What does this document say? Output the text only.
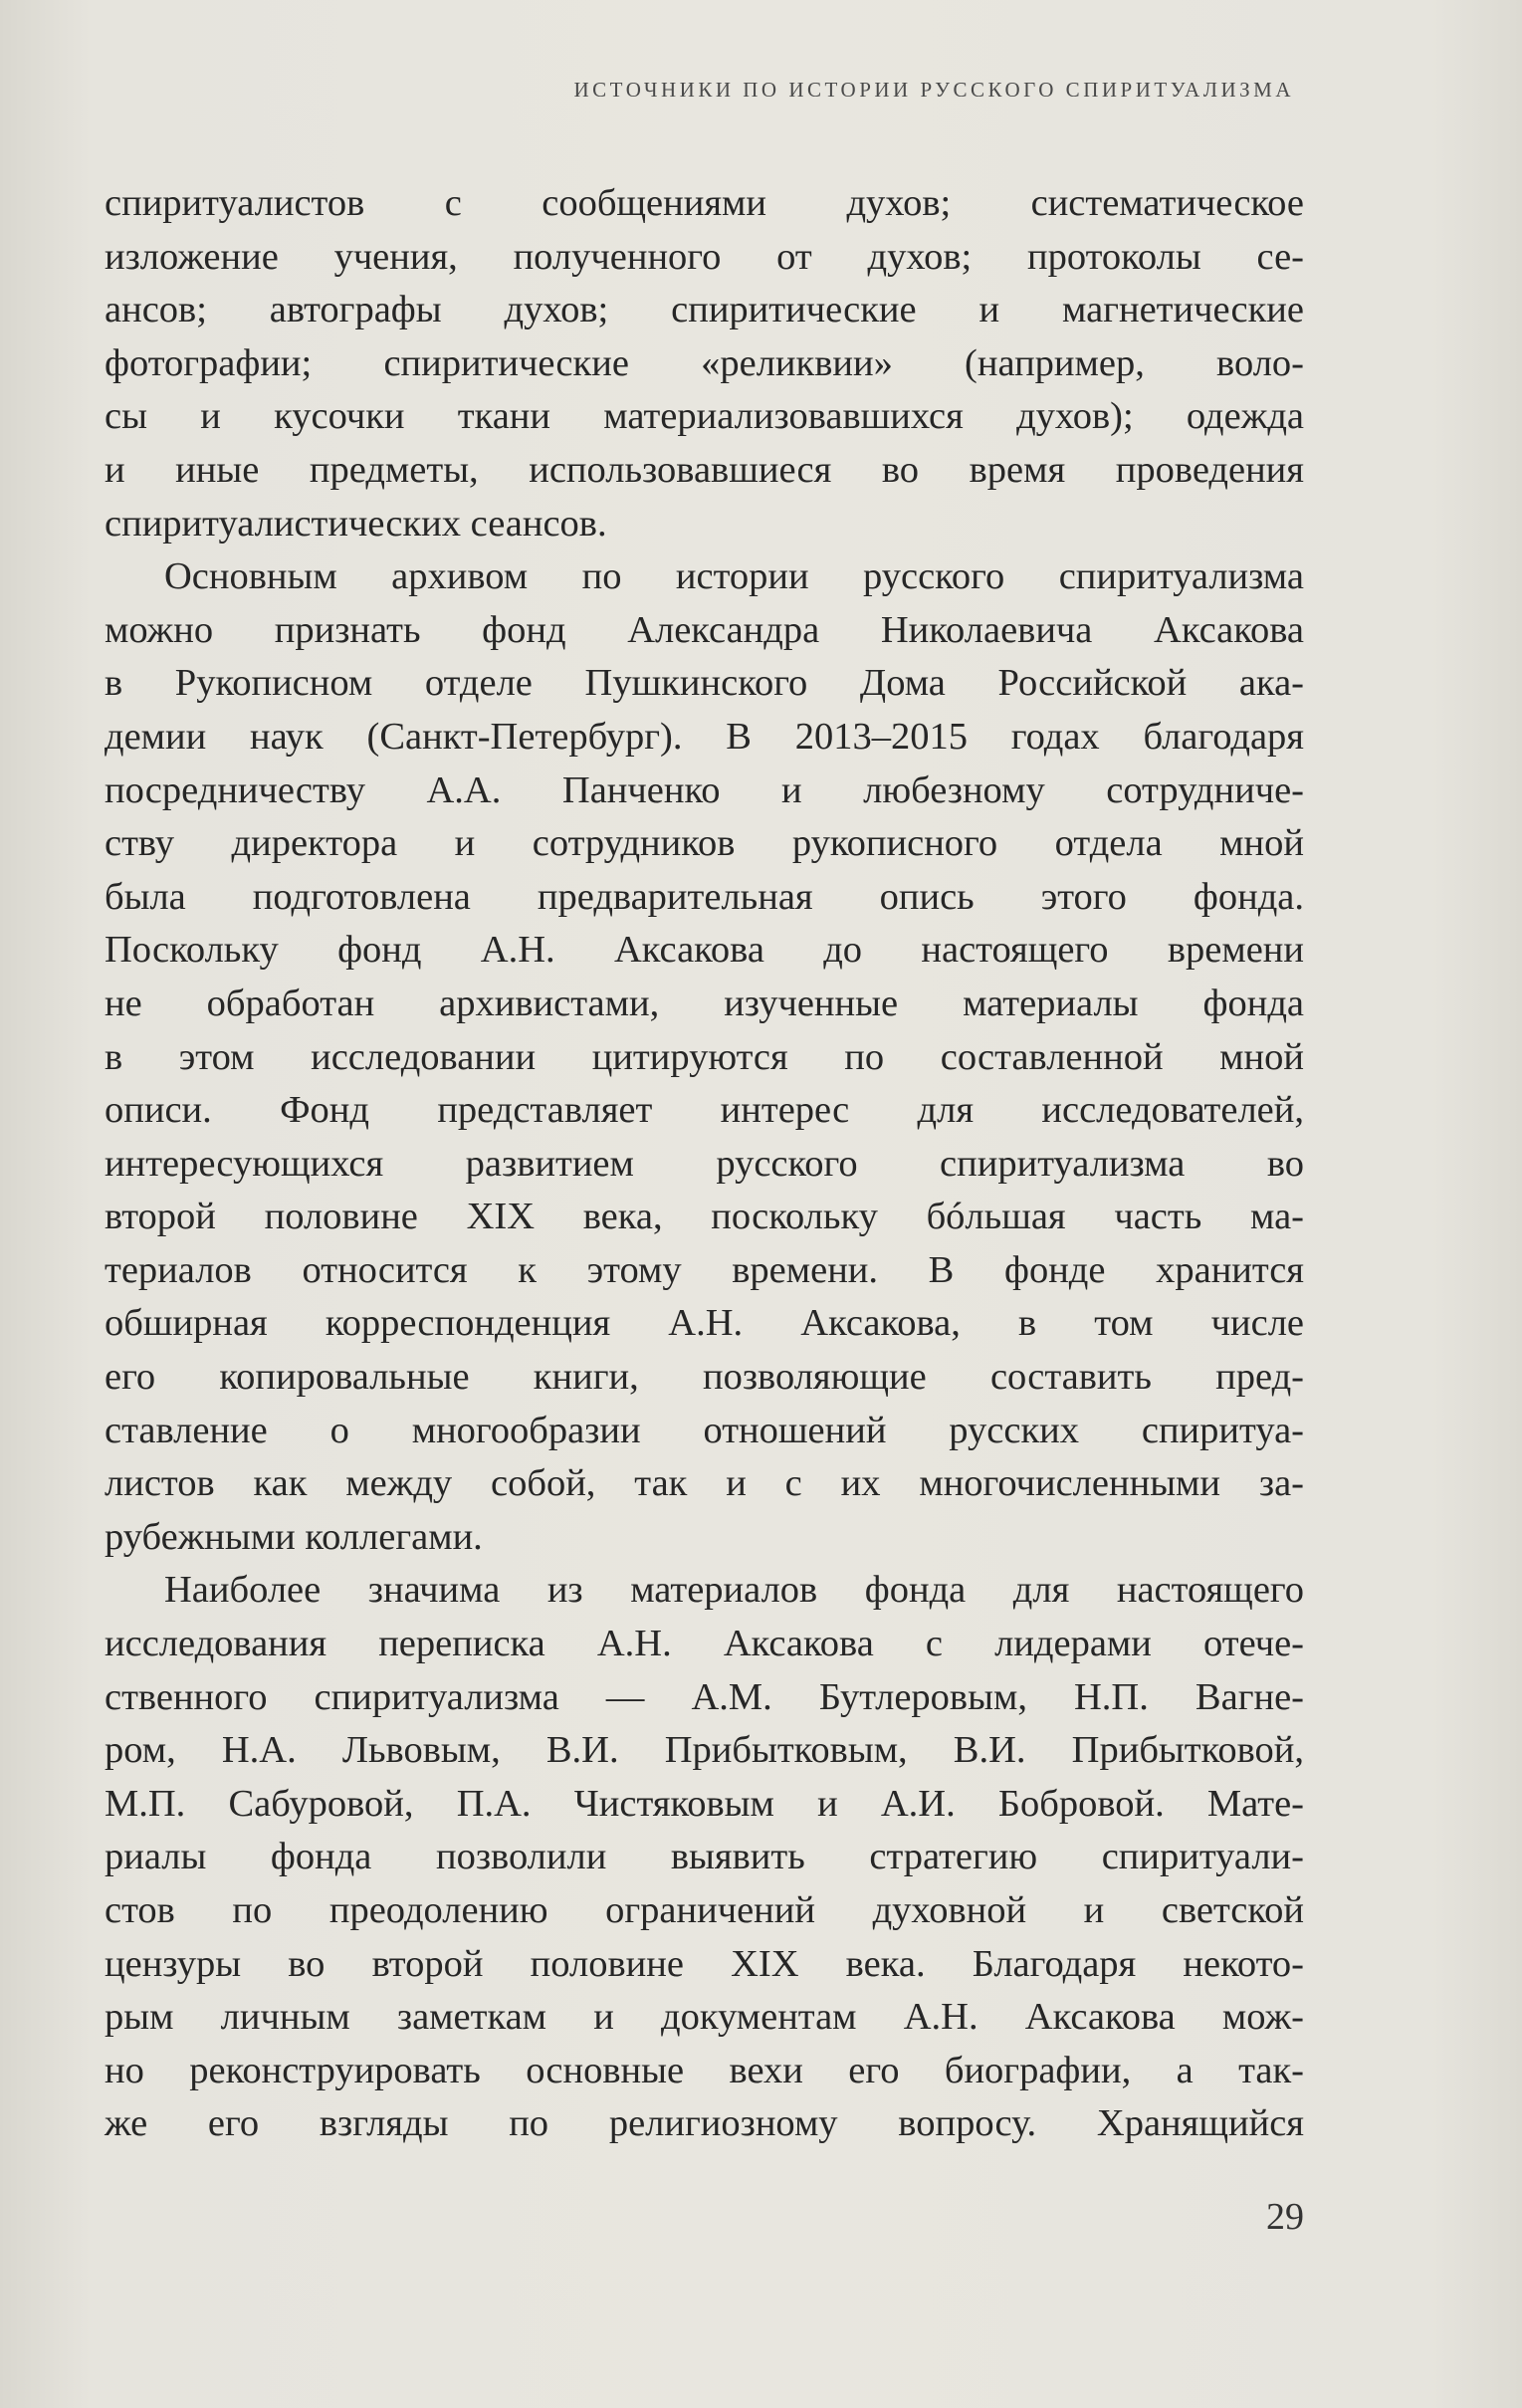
ИСТОЧНИКИ ПО ИСТОРИИ РУССКОГО СПИРИТУАЛИЗМА
спиритуалистов с сообщениями духов; систематическое
изложение учения, полученного от духов; протоколы се-
ансов; автографы духов; спиритические и магнетические
фотографии; спиритические «реликвии» (например, воло-
сы и кусочки ткани материализовавшихся духов); одежда
и иные предметы, использовавшиеся во время проведения
спиритуалистических сеансов.
Основным архивом по истории русского спиритуализма
можно признать фонд Александра Николаевича Аксакова
в Рукописном отделе Пушкинского Дома Российской ака-
демии наук (Санкт-Петербург). В 2013–2015 годах благодаря
посредничеству А.А. Панченко и любезному сотрудниче-
ству директора и сотрудников рукописного отдела мной
была подготовлена предварительная опись этого фонда.
Поскольку фонд А.Н. Аксакова до настоящего времени
не обработан архивистами, изученные материалы фонда
в этом исследовании цитируются по составленной мной
описи. Фонд представляет интерес для исследователей,
интересующихся развитием русского спиритуализма во
второй половине XIX века, поскольку бóльшая часть ма-
териалов относится к этому времени. В фонде хранится
обширная корреспонденция А.Н. Аксакова, в том числе
его копировальные книги, позволяющие составить пред-
ставление о многообразии отношений русских спиритуа-
листов как между собой, так и с их многочисленными за-
рубежными коллегами.
Наиболее значима из материалов фонда для настоящего
исследования переписка А.Н. Аксакова с лидерами отече-
ственного спиритуализма — А.М. Бутлеровым, Н.П. Вагне-
ром, Н.А. Львовым, В.И. Прибытковым, В.И. Прибытковой,
М.П. Сабуровой, П.А. Чистяковым и А.И. Бобровой. Мате-
риалы фонда позволили выявить стратегию спиритуали-
стов по преодолению ограничений духовной и светской
цензуры во второй половине XIX века. Благодаря некото-
рым личным заметкам и документам А.Н. Аксакова мож-
но реконструировать основные вехи его биографии, а так-
же его взгляды по религиозному вопросу. Хранящийся
29
